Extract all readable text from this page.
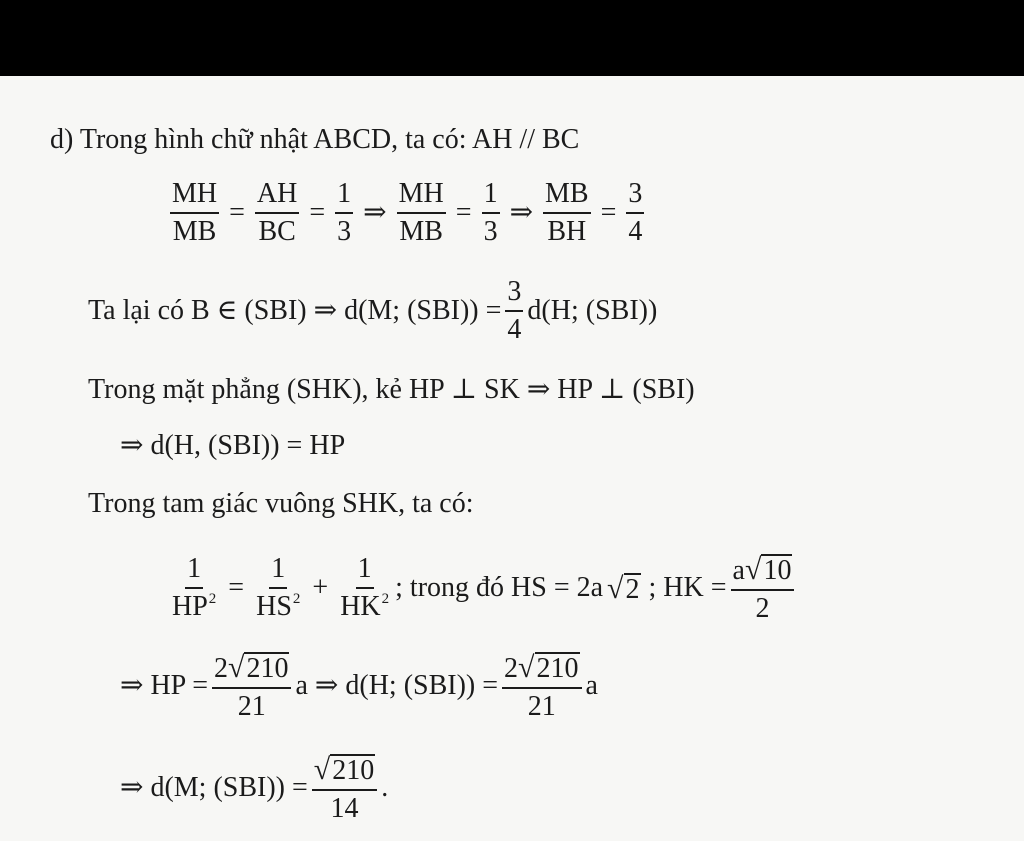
d) Trong hình chữ nhật ABCD, ta có: AH // BC
$\frac{MH}{MB} = \frac{AH}{BC} = \frac{1}{3}$ ⇒ $\frac{MH}{MB} = \frac{1}{3}$ ⇒ $\frac{MB}{BH} = \frac{3}{4}$
Ta lại có B ∈ (SBI) ⇒ d(M; $(SBI)) = \frac{3}{4} d(H$; (SBI))
Trong mặt phẳng (SHK), kẻ HP ⊥ SK ⇒ HP ⊥ (SBI)
⇒ d(H, (SBI)) = HP
Trong tam giác vuông SHK, ta có:
$\frac{1}{HP^2} = \frac{1}{HS^2} + \frac{1}{HK^2}$ ; trong đó HS = 2a √ 2 ; HK = $\frac{a √ 10}{2}$
⇒ HP = $\frac{2 √ 210}{21}$ a ⇒ d(H; $(SBI)) = \frac{2 √ 210}{21}$ a
⇒ d(M; $(SBI)) = \frac{√ 210}{14}$ .
